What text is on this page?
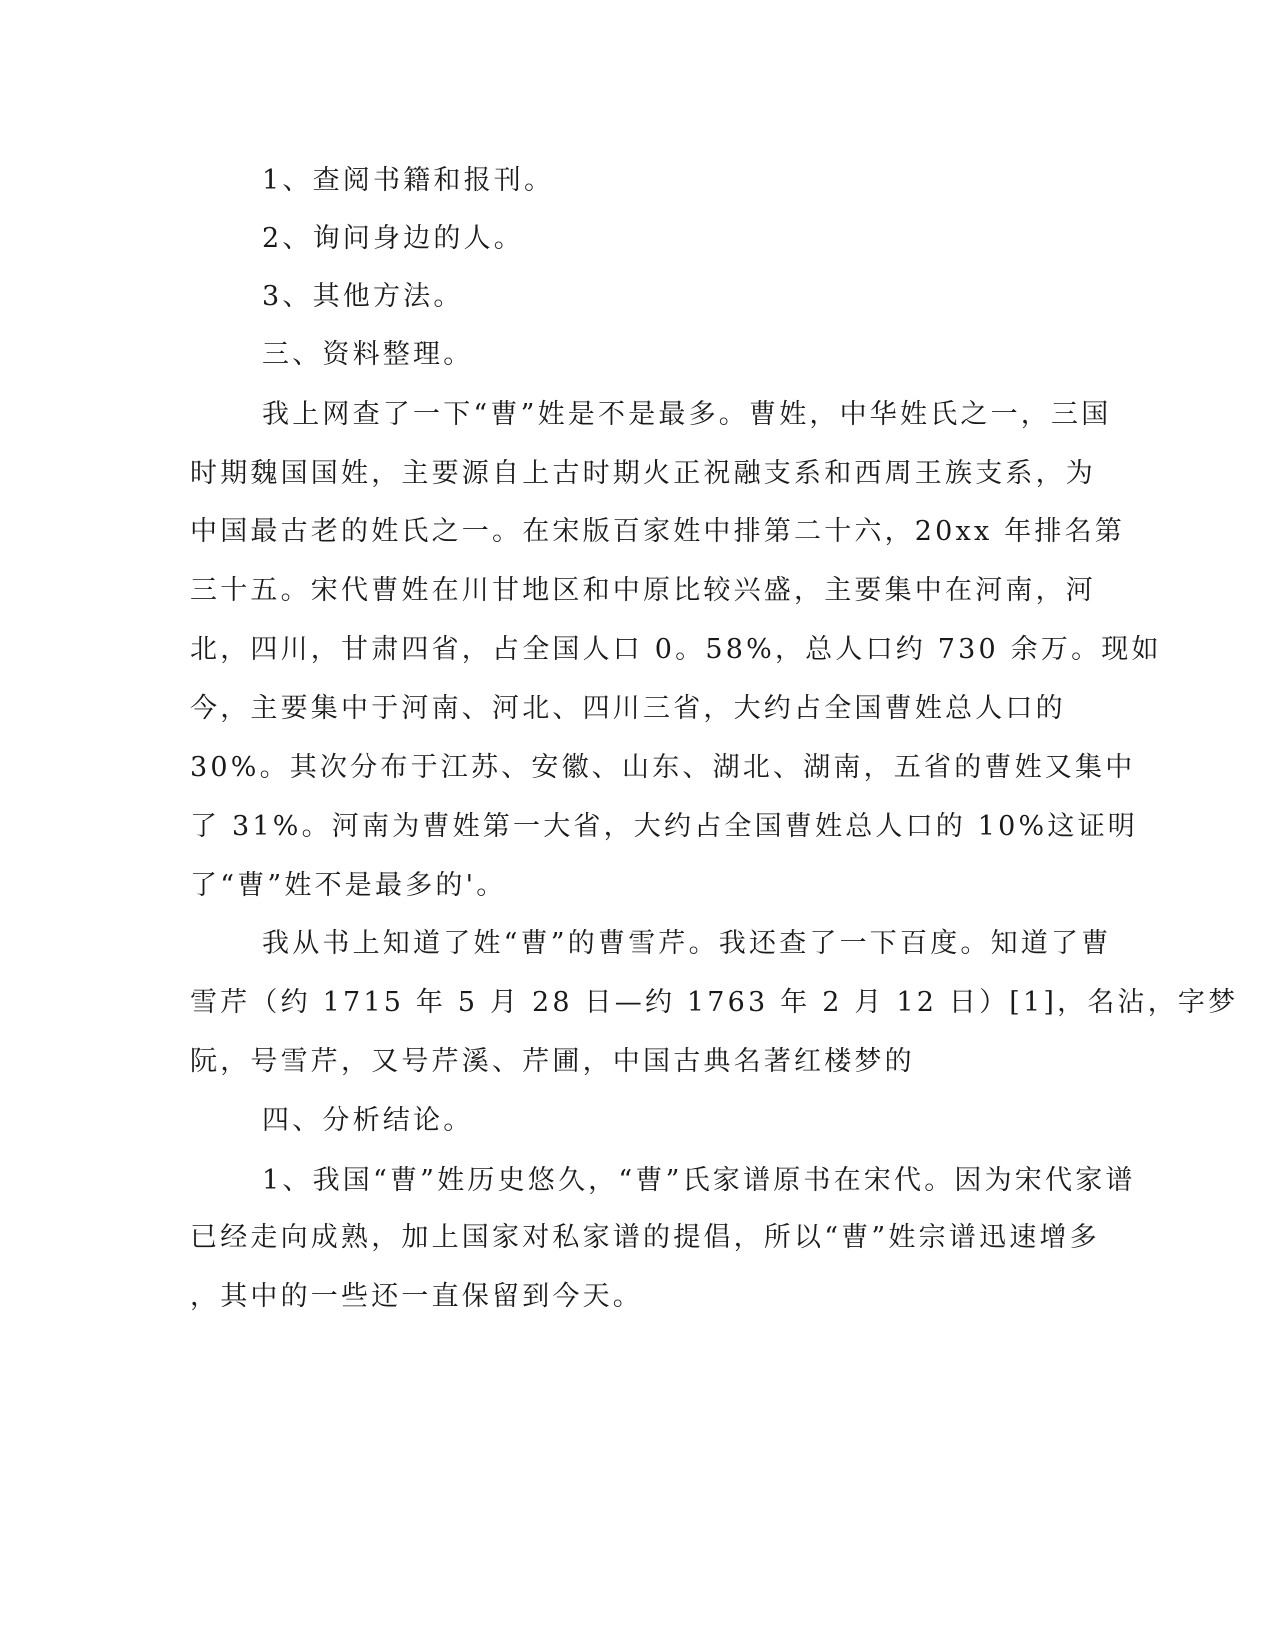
1、查阅书籍和报刊。
2、询问身边的人。
3、其他方法。
三、资料整理。
我上网查了一下“曹”姓是不是最多。曹姓，中华姓氏之一，三国
时期魏国国姓，主要源自上古时期火正祝融支系和西周王族支系，为
中国最古老的姓氏之一。在宋版百家姓中排第二十六，20xx 年排名第
三十五。宋代曹姓在川甘地区和中原比较兴盛，主要集中在河南，河
北，四川，甘肃四省，占全国人口 0。58%，总人口约 730 余万。现如
今，主要集中于河南、河北、四川三省，大约占全国曹姓总人口的
30%。其次分布于江苏、安徽、山东、湖北、湖南，五省的曹姓又集中
了 31%。河南为曹姓第一大省，大约占全国曹姓总人口的 10%这证明
了“曹”姓不是最多的'。
我从书上知道了姓“曹”的曹雪芹。我还查了一下百度。知道了曹
雪芹（约 1715 年 5 月 28 日—约 1763 年 2 月 12 日）[1]，名沾，字梦
阮，号雪芹，又号芹溪、芹圃，中国古典名著红楼梦的
四、分析结论。
1、我国“曹”姓历史悠久，“曹”氏家谱原书在宋代。因为宋代家谱
已经走向成熟，加上国家对私家谱的提倡，所以“曹”姓宗谱迅速增多
，其中的一些还一直保留到今天。
